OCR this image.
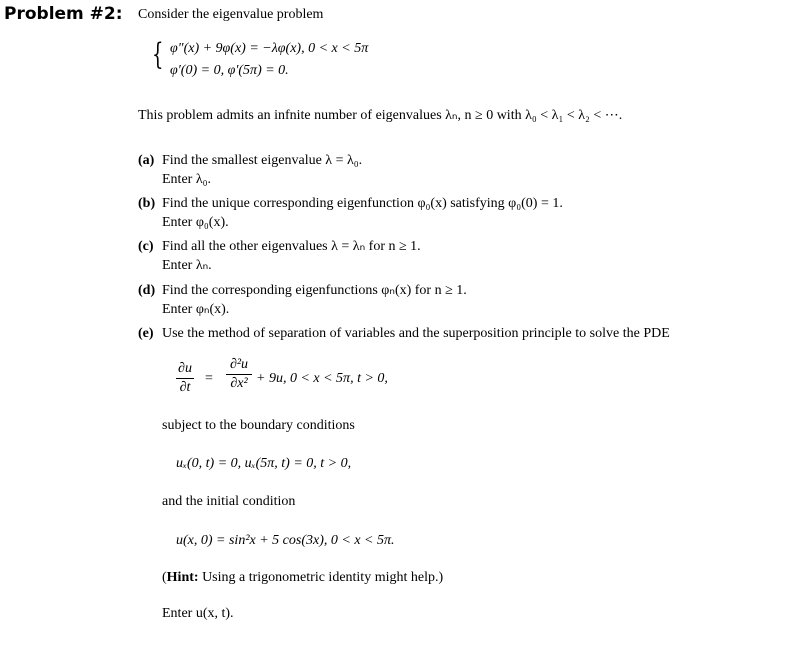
Problem #2: Consider the eigenvalue problem
{ φ″(x) + 9φ(x) = −λφ(x), 0 < x < 5π
φ′(0) = 0, φ′(5π) = 0.
This problem admits an infnite number of eigenvalues λₙ, n ≥ 0 with λ₀ < λ₁ < λ₂ < ⋯.
(a) Find the smallest eigenvalue λ = λ₀.
Enter λ₀.
(b) Find the unique corresponding eigenfunction φ₀(x) satisfying φ₀(0) = 1.
Enter φ₀(x).
(c) Find all the other eigenvalues λ = λₙ for n ≥ 1.
Enter λₙ.
(d) Find the corresponding eigenfunctions φₙ(x) for n ≥ 1.
Enter φₙ(x).
(e) Use the method of separation of variables and the superposition principle to solve the PDE
∂u
∂t
=
∂²u
∂x² + 9u, 0 < x < 5π, t > 0,
subject to the boundary conditions
uₓ(0, t) = 0, uₓ(5π, t) = 0, t > 0,
and the initial condition
u(x, 0) = sin²x + 5 cos(3x), 0 < x < 5π.
(Hint: Using a trigonometric identity might help.)
Enter u(x, t).
